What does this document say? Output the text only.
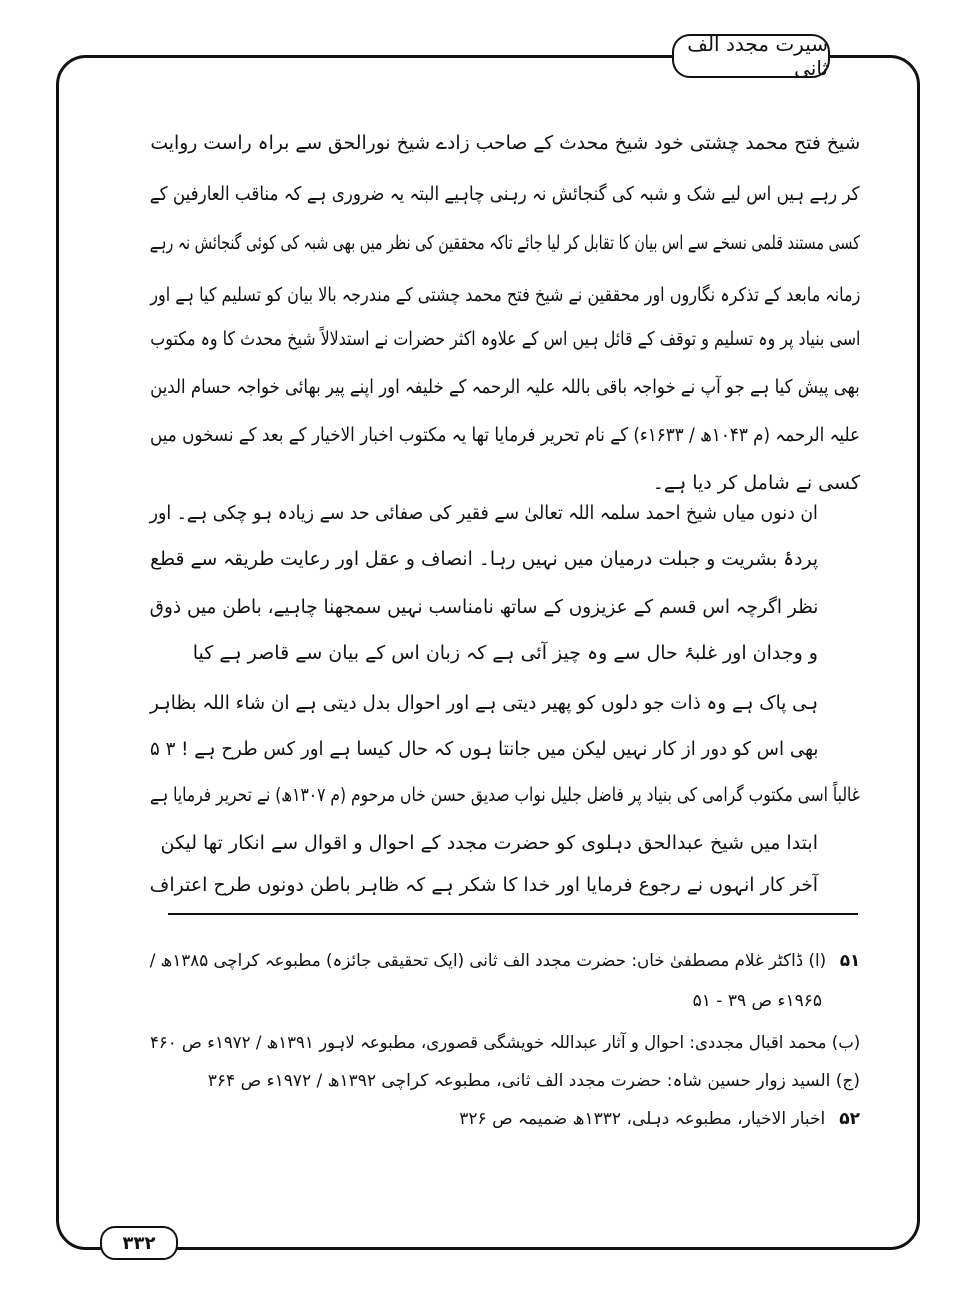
سیرت مجدد الف ثانی
شیخ فتح محمد چشتی خود شیخ محدث کے صاحب زادے شیخ نورالحق سے براہ راست روایت
کر رہے ہیں اس لیے شک و شبہ کی گنجائش نہ رہنی چاہیے البتہ یہ ضروری ہے کہ مناقب العارفین کے
کسی مستند قلمی نسخے سے اس بیان کا تقابل کر لیا جائے تاکہ محققین کی نظر میں بھی شبہ کی کوئی گنجائش نہ رہے
زمانہ مابعد کے تذکرہ نگاروں اور محققین نے شیخ فتح محمد چشتی کے مندرجہ بالا بیان کو تسلیم کیا ہے اور
اسی بنیاد پر وہ تسلیم و توقف کے قائل ہیں اس کے علاوہ اکثر حضرات نے استدلالاً شیخ محدث کا وہ مکتوب
بھی پیش کیا ہے جو آپ نے خواجہ باقی باللہ علیہ الرحمہ کے خلیفہ اور اپنے پیر بھائی خواجہ حسام الدین
علیہ الرحمہ (م ۱۰۴۳ھ / ۱۶۳۳ء) کے نام تحریر فرمایا تھا یہ مکتوب اخبار الاخیار کے بعد کے نسخوں میں
کسی نے شامل کر دیا ہے۔
ان دنوں میاں شیخ احمد سلمہ اللہ تعالیٰ سے فقیر کی صفائی حد سے زیادہ ہو چکی ہے۔ اور
پردۂ بشریت و جبلت درمیان میں نہیں رہا۔ انصاف و عقل اور رعایت طریقہ سے قطع
نظر اگرچہ اس قسم کے عزیزوں کے ساتھ نامناسب نہیں سمجھنا چاہیے، باطن میں ذوق
و وجدان اور غلبۂ حال سے وہ چیز آئی ہے کہ زبان اس کے بیان سے قاصر ہے کیا
ہی پاک ہے وہ ذات جو دلوں کو پھیر دیتی ہے اور احوال بدل دیتی ہے ان شاء اللہ بظاہر
بھی اس کو دور از کار نہیں لیکن میں جانتا ہوں کہ حال کیسا ہے اور کس طرح ہے ! ۳ ۵
غالباً اسی مکتوب گرامی کی بنیاد پر فاضل جلیل نواب صدیق حسن خاں مرحوم (م ۱۳۰۷ھ) نے تحریر فرمایا ہے
ابتدا میں شیخ عبدالحق دہلوی کو حضرت مجدد کے احوال و اقوال سے انکار تھا لیکن
آخر کار انہوں نے رجوع فرمایا اور خدا کا شکر ہے کہ ظاہر باطن دونوں طرح اعتراف
۵۱(ا) ڈاکٹر غلام مصطفیٰ خاں: حضرت مجدد الف ثانی (ایک تحقیقی جائزہ) مطبوعہ کراچی ۱۳۸۵ھ /
۱۹۶۵ء ص ۳۹ - ۵۱
(ب) محمد اقبال مجددی: احوال و آثار عبداللہ خویشگی قصوری، مطبوعہ لاہور ۱۳۹۱ھ / ۱۹۷۲ء ص ۴۶۰
(ج) السید زوار حسین شاہ: حضرت مجدد الف ثانی، مطبوعہ کراچی ۱۳۹۲ھ / ۱۹۷۲ء ص ۳۶۴
۵۲اخبار الاخیار، مطبوعہ دہلی، ۱۳۳۲ھ ضمیمہ ص ۳۲۶
۳۳۲
